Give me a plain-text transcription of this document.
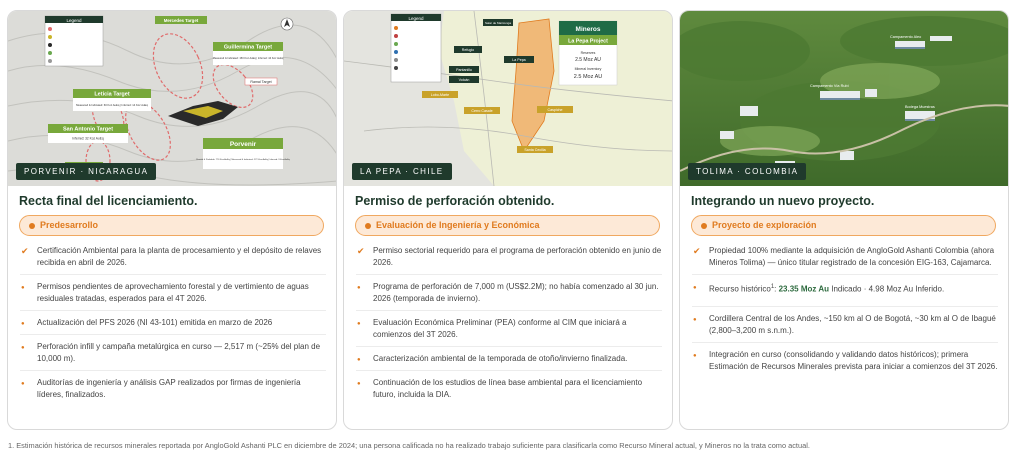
Legend	Mercedes Target
Guillermina Target
Measured & Indicated: 150 Koz AuEq | Inferred: 44 Koz AuEq
Ramal Target
Leticia Target
Measured & Indicated: 60 Koz AuEq | Inferred: 14 Koz AuEq
San Antonio Target
Inferred: 32 Koz AuEq
Porvenir
Proven & Probable: 776 Koz AuEq | Measured & Indicated: 272 Koz AuEq | Inferred: 9 Koz AuEq
PORVENIR · NICARAGUA
Recta final del licenciamiento.
Predesarrollo
✔ Certificación Ambiental para la planta de procesamiento y el depósito de relaves recibida en abril de 2026.
● Permisos pendientes de aprovechamiento forestal y de vertimiento de aguas residuales tratadas, esperados para el 4T 2026.
● Actualización del PFS 2026 (NI 43-101) emitida en marzo de 2026
● Perforación infill y campaña metalúrgica en curso — 2,517 m (~25% del plan de 10,000 m).
● Auditorías de ingeniería y análisis GAP realizados por firmas de ingeniería líderes, finalizados.
Legend
Mineros
La Pepa Project
Reserves
2.5 Moz AU
Mineral Inventory
2.5 Moz AU
Salar de Maricunga
Refugio
La Pepa
Pantanillo
Volcán
Lobo-Marte
Cerro Casale	Caspiche
Santa Cecilia
LA PEPA · CHILE
Permiso de perforación obtenido.
Evaluación de Ingeniería y Económica
✔ Permiso sectorial requerido para el programa de perforación obtenido en junio de 2026.
● Programa de perforación de 7,000 m (US$2.2M); no había comenzado al 30 jun. 2026 (temporada de invierno).
● Evaluación Económica Preliminar (PEA) conforme al CIM que iniciará a comienzos del 3T 2026.
● Caracterización ambiental de la temporada de otoño/invierno finalizada.
● Continuación de los estudios de línea base ambiental para el licenciamiento futuro, incluida la DIA.
Campamento Aleo
Campamento Vía Rubí
Bodega Muestras
TOLIMA · COLOMBIA
Integrando un nuevo proyecto.
Proyecto de exploración
✔ Propiedad 100% mediante la adquisición de AngloGold Ashanti Colombia (ahora Mineros Tolima) — único titular registrado de la concesión EIG-163, Cajamarca.
● Recurso histórico$^1$: 23.35 Moz Au Indicado · 4.98 Moz Au Inferido.
● Cordillera Central de los Andes, ~150 km al O de Bogotá, ~30 km al O de Ibagué (2,800–3,200 m s.n.m.).
● Integración en curso (consolidando y validando datos históricos); primera Estimación de Recursos Minerales prevista para iniciar a comienzos del 3T 2026.
1. Estimación histórica de recursos minerales reportada por AngloGold Ashanti PLC en diciembre de 2024; una persona calificada no ha realizado trabajo suficiente para clasificarla como Recurso Mineral actual, y Mineros no la trata como actual.
